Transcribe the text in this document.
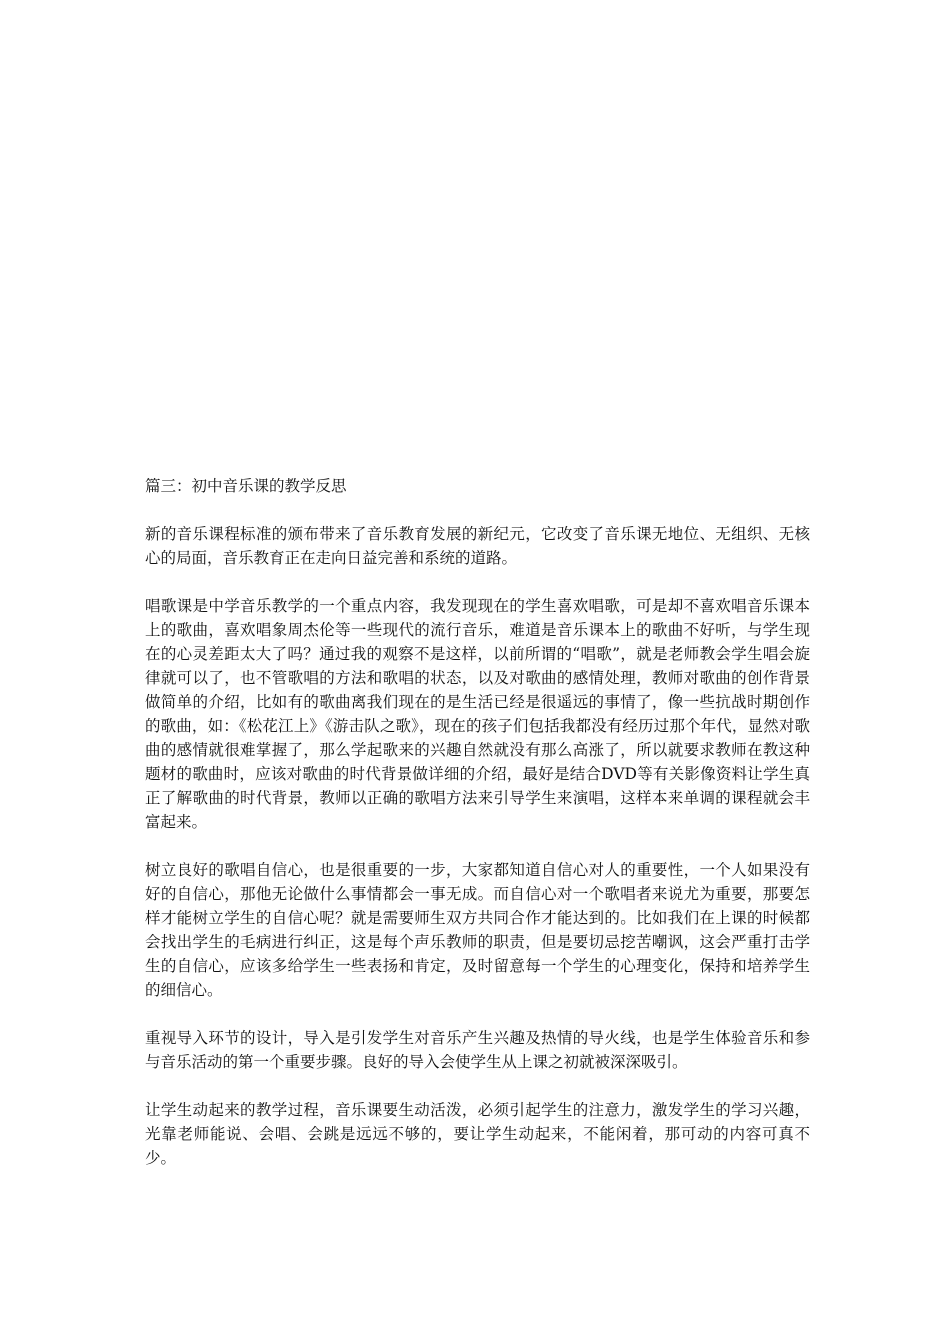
篇三：初中音乐课的教学反思

新的音乐课程标准的颁布带来了音乐教育发展的新纪元，它改变了音乐课无地位、无组织、无核心的局面，音乐教育正在走向日益完善和系统的道路。

唱歌课是中学音乐教学的一个重点内容，我发现现在的学生喜欢唱歌，可是却不喜欢唱音乐课本上的歌曲，喜欢唱象周杰伦等一些现代的流行音乐，难道是音乐课本上的歌曲不好听，与学生现在的心灵差距太大了吗？通过我的观察不是这样，以前所谓的“唱歌”，就是老师教会学生唱会旋律就可以了，也不管歌唱的方法和歌唱的状态，以及对歌曲的感情处理，教师对歌曲的创作背景做简单的介绍，比如有的歌曲离我们现在的是生活已经是很遥远的事情了，像一些抗战时期创作的歌曲，如：《松花江上》《游击队之歌》，现在的孩子们包括我都没有经历过那个年代，显然对歌曲的感情就很难掌握了，那么学起歌来的兴趣自然就没有那么高涨了，所以就要求教师在教这种题材的歌曲时，应该对歌曲的时代背景做详细的介绍，最好是结合DVD等有关影像资料让学生真正了解歌曲的时代背景，教师以正确的歌唱方法来引导学生来演唱，这样本来单调的课程就会丰富起来。

树立良好的歌唱自信心，也是很重要的一步，大家都知道自信心对人的重要性，一个人如果没有好的自信心，那他无论做什么事情都会一事无成。而自信心对一个歌唱者来说尤为重要，那要怎样才能树立学生的自信心呢？就是需要师生双方共同合作才能达到的。比如我们在上课的时候都会找出学生的毛病进行纠正，这是每个声乐教师的职责，但是要切忌挖苦嘲讽，这会严重打击学生的自信心，应该多给学生一些表扬和肯定，及时留意每一个学生的心理变化，保持和培养学生的细信心。

重视导入环节的设计，导入是引发学生对音乐产生兴趣及热情的导火线，也是学生体验音乐和参与音乐活动的第一个重要步骤。良好的导入会使学生从上课之初就被深深吸引。

让学生动起来的教学过程，音乐课要生动活泼，必须引起学生的注意力，激发学生的学习兴趣，光靠老师能说、会唱、会跳是远远不够的，要让学生动起来，不能闲着，那可动的内容可真不少。
